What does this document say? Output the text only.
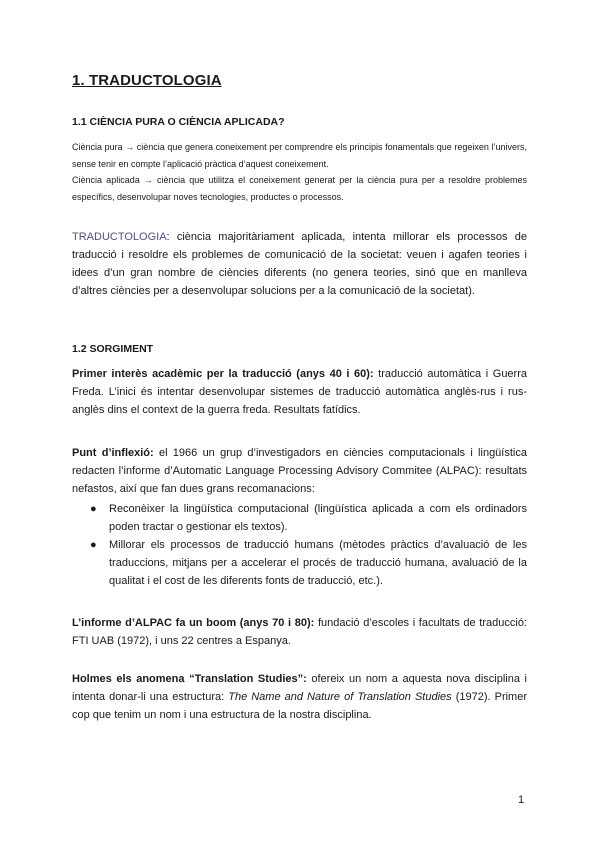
1. TRADUCTOLOGIA
1.1 CIÈNCIA PURA O CIÈNCIA APLICADA?
Ciència pura → ciència que genera coneixement per comprendre els principis fonamentals que regeixen l’univers, sense tenir en compte l’aplicació pràctica d’aquest coneixement.
Ciència aplicada → ciència que utilitza el coneixement generat per la ciència pura per a resoldre problemes específics, desenvolupar noves tecnologies, productes o processos.
TRADUCTOLOGIA: ciència majoritàriament aplicada, intenta millorar els processos de traducció i resoldre els problemes de comunicació de la societat: veuen i agafen teories i idees d’un gran nombre de ciències diferents (no genera teories, sinó que en manlleva d’altres ciències per a desenvolupar solucions per a la comunicació de la societat).
1.2 SORGIMENT
Primer interès acadèmic per la traducció (anys 40 i 60): traducció automàtica i Guerra Freda. L’inici és intentar desenvolupar sistemes de traducció automàtica anglès-rus i rus-anglès dins el context de la guerra freda. Resultats fatídics.
Punt d’inflexió: el 1966 un grup d’investigadors en ciències computacionals i lingüística redacten l’informe d’Automatic Language Processing Advisory Commitee (ALPAC): resultats nefastos, així que fan dues grans recomanacions:
● Reconèixer la lingüística computacional (lingüística aplicada a com els ordinadors poden tractar o gestionar els textos).
● Millorar els processos de traducció humans (mètodes pràctics d’avaluació de les traduccions, mitjans per a accelerar el procés de traducció humana, avaluació de la qualitat i el cost de les diferents fonts de traducció, etc.).
L’informe d’ALPAC fa un boom (anys 70 i 80): fundació d’escoles i facultats de traducció: FTI UAB (1972), i uns 22 centres a Espanya.
Holmes els anomena “Translation Studies”: ofereix un nom a aquesta nova disciplina i intenta donar-li una estructura: The Name and Nature of Translation Studies (1972). Primer cop que tenim un nom i una estructura de la nostra disciplina.
1
